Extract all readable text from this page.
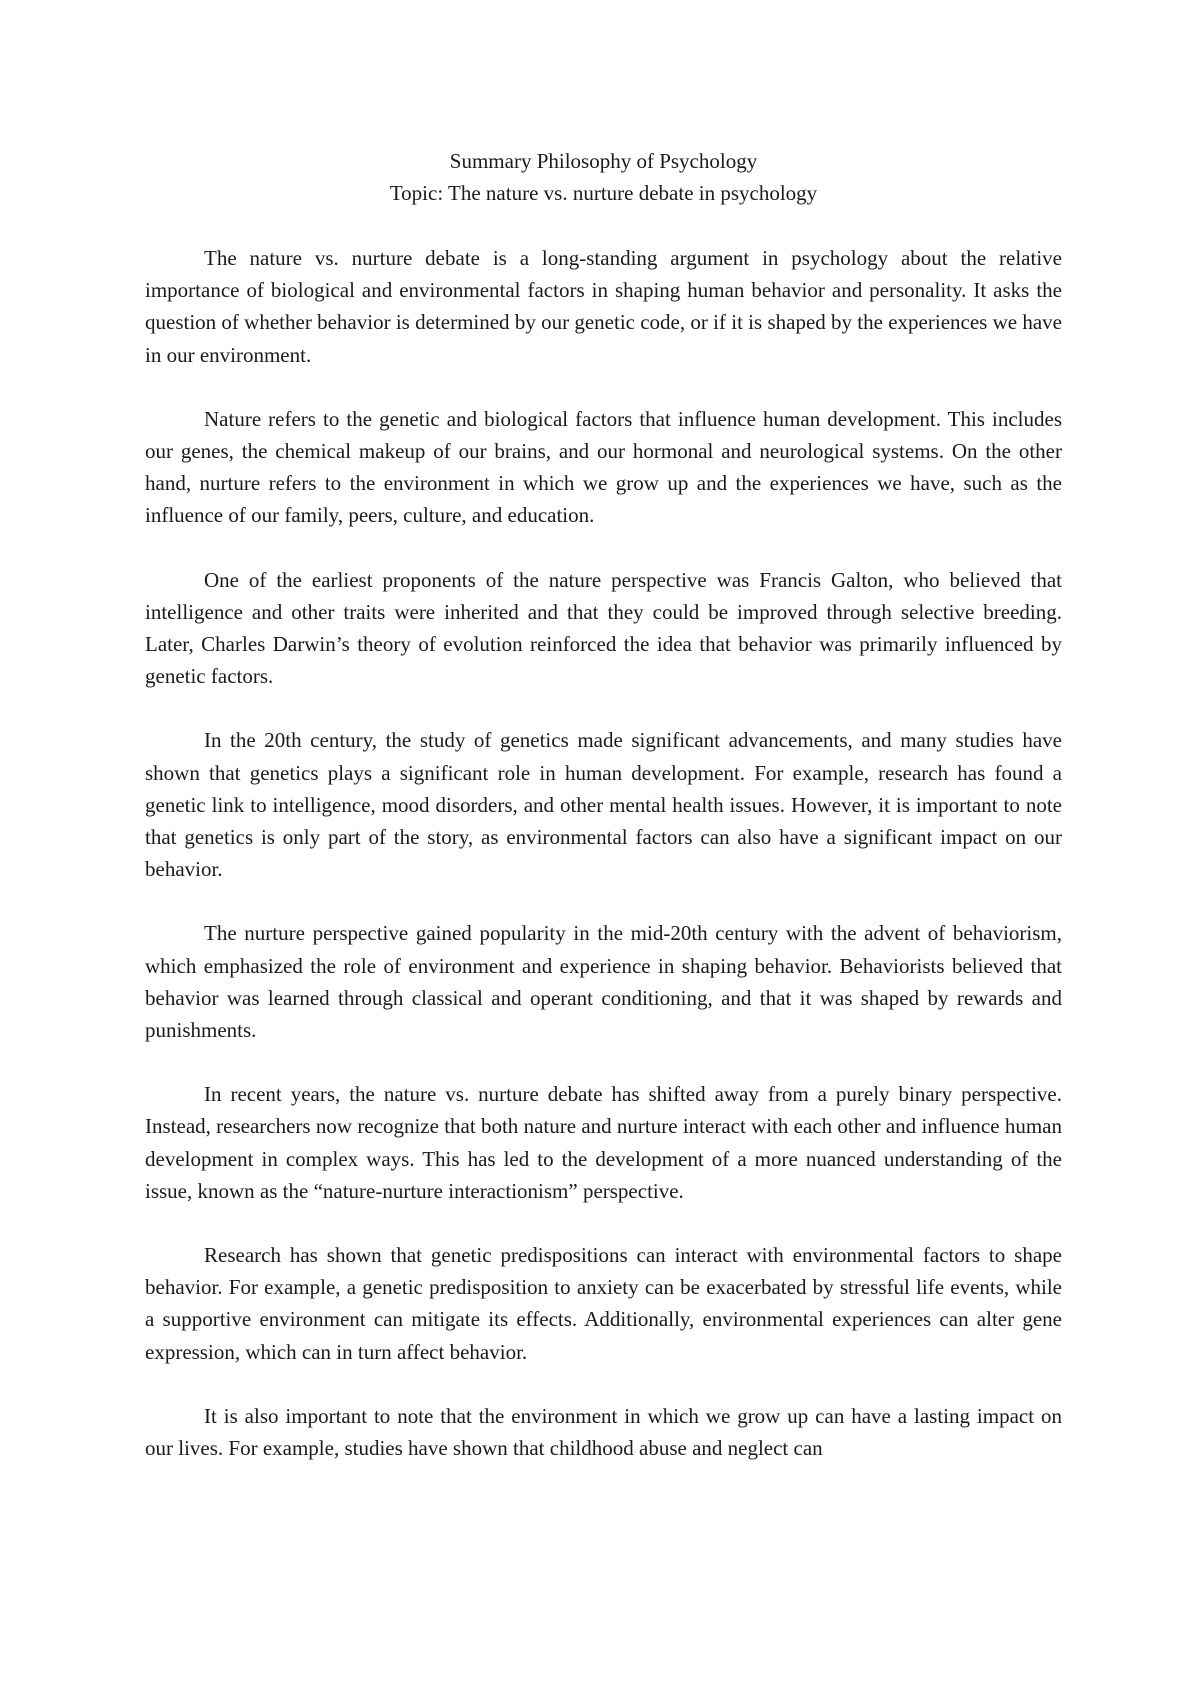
Summary Philosophy of Psychology
Topic: The nature vs. nurture debate in psychology

The nature vs. nurture debate is a long-standing argument in psychology about the relative importance of biological and environmental factors in shaping human behavior and personality. It asks the question of whether behavior is determined by our genetic code, or if it is shaped by the experiences we have in our environment.

Nature refers to the genetic and biological factors that influence human development. This includes our genes, the chemical makeup of our brains, and our hormonal and neurological systems. On the other hand, nurture refers to the environment in which we grow up and the experiences we have, such as the influence of our family, peers, culture, and education.

One of the earliest proponents of the nature perspective was Francis Galton, who believed that intelligence and other traits were inherited and that they could be improved through selective breeding. Later, Charles Darwin’s theory of evolution reinforced the idea that behavior was primarily influenced by genetic factors.

In the 20th century, the study of genetics made significant advancements, and many studies have shown that genetics plays a significant role in human development. For example, research has found a genetic link to intelligence, mood disorders, and other mental health issues. However, it is important to note that genetics is only part of the story, as environmental factors can also have a significant impact on our behavior.

The nurture perspective gained popularity in the mid-20th century with the advent of behaviorism, which emphasized the role of environment and experience in shaping behavior. Behaviorists believed that behavior was learned through classical and operant conditioning, and that it was shaped by rewards and punishments.

In recent years, the nature vs. nurture debate has shifted away from a purely binary perspective. Instead, researchers now recognize that both nature and nurture interact with each other and influence human development in complex ways. This has led to the development of a more nuanced understanding of the issue, known as the “nature-nurture interactionism” perspective.

Research has shown that genetic predispositions can interact with environmental factors to shape behavior. For example, a genetic predisposition to anxiety can be exacerbated by stressful life events, while a supportive environment can mitigate its effects. Additionally, environmental experiences can alter gene expression, which can in turn affect behavior.

It is also important to note that the environment in which we grow up can have a lasting impact on our lives. For example, studies have shown that childhood abuse and neglect can
